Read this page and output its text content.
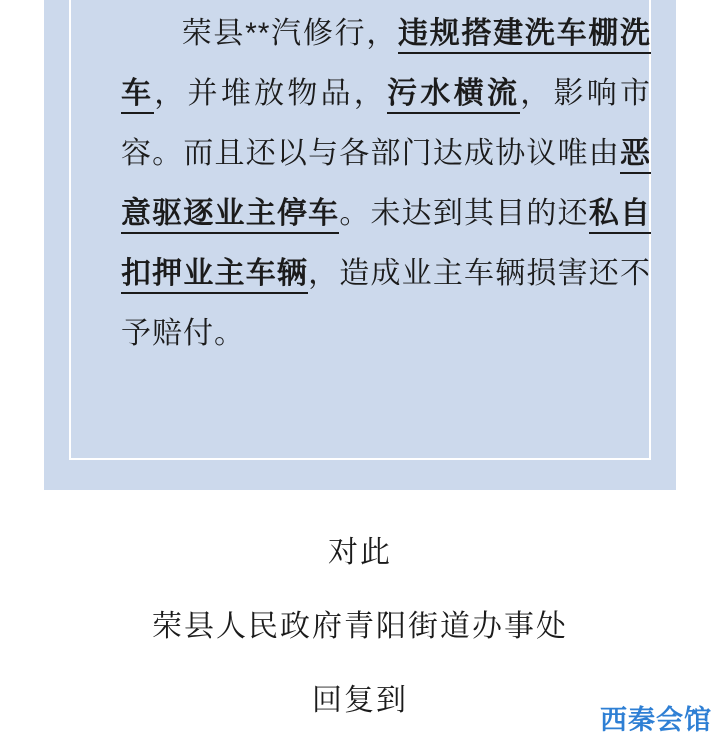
荣县**汽修行，违规搭建洗车棚洗车，并堆放物品，污水横流，影响市容。而且还以与各部门达成协议唯由恶意驱逐业主停车。未达到其目的还私自扣押业主车辆，造成业主车辆损害还不予赔付。
对此
荣县人民政府青阳街道办事处
回复到
西秦会馆
